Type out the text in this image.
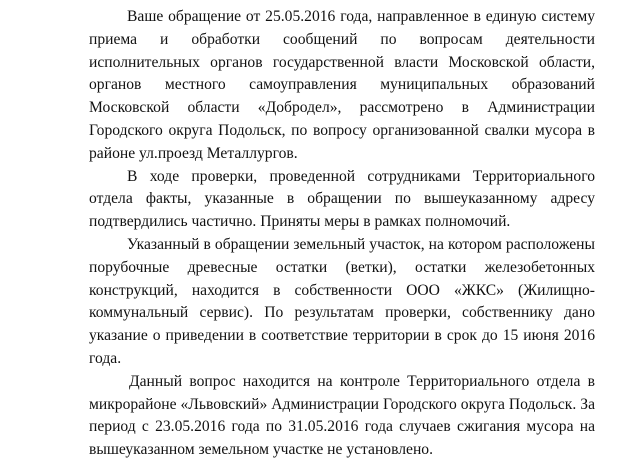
Ваше обращение от 25.05.2016 года, направленное в единую систему приема и обработки сообщений по вопросам деятельности исполнительных органов государственной власти Московской области, органов местного самоуправления муниципальных образований Московской области «Добродел», рассмотрено в Администрации Городского округа Подольск, по вопросу организованной свалки мусора в районе ул.проезд Металлургов.

В ходе проверки, проведенной сотрудниками Территориального отдела факты, указанные в обращении по вышеуказанному адресу подтвердились частично. Приняты меры в рамках полномочий.

Указанный в обращении земельный участок, на котором расположены порубочные древесные остатки (ветки), остатки железобетонных конструкций, находится в собственности ООО «ЖКС» (Жилищно-коммунальный сервис). По результатам проверки, собственнику дано указание о приведении в соответствие территории в срок до 15 июня 2016 года.

Данный вопрос находится на контроле Территориального отдела в микрорайоне «Львовский» Администрации Городского округа Подольск. За период с 23.05.2016 года по 31.05.2016 года случаев сжигания мусора на вышеуказанном земельном участке не установлено.
